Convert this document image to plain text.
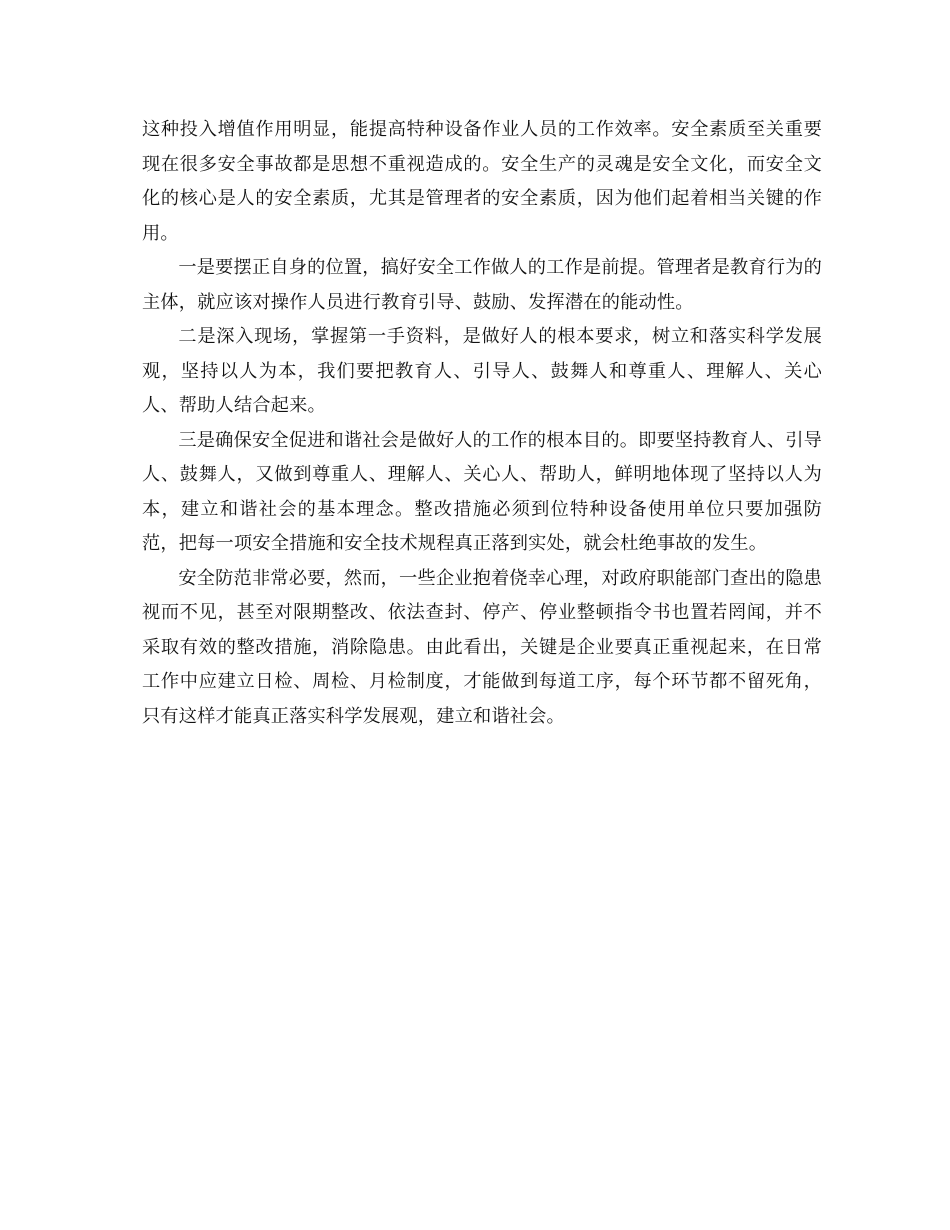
这种投入增值作用明显，能提高特种设备作业人员的工作效率。安全素质至关重要现在很多安全事故都是思想不重视造成的。安全生产的灵魂是安全文化，而安全文化的核心是人的安全素质，尤其是管理者的安全素质，因为他们起着相当关键的作用。

一是要摆正自身的位置，搞好安全工作做人的工作是前提。管理者是教育行为的主体，就应该对操作人员进行教育引导、鼓励、发挥潜在的能动性。

二是深入现场，掌握第一手资料，是做好人的根本要求，树立和落实科学发展观，坚持以人为本，我们要把教育人、引导人、鼓舞人和尊重人、理解人、关心人、帮助人结合起来。

三是确保安全促进和谐社会是做好人的工作的根本目的。即要坚持教育人、引导人、鼓舞人，又做到尊重人、理解人、关心人、帮助人，鲜明地体现了坚持以人为本，建立和谐社会的基本理念。整改措施必须到位特种设备使用单位只要加强防范，把每一项安全措施和安全技术规程真正落到实处，就会杜绝事故的发生。

安全防范非常必要，然而，一些企业抱着侥幸心理，对政府职能部门查出的隐患视而不见，甚至对限期整改、依法查封、停产、停业整顿指令书也置若罔闻，并不采取有效的整改措施，消除隐患。由此看出，关键是企业要真正重视起来，在日常工作中应建立日检、周检、月检制度，才能做到每道工序，每个环节都不留死角，只有这样才能真正落实科学发展观，建立和谐社会。
